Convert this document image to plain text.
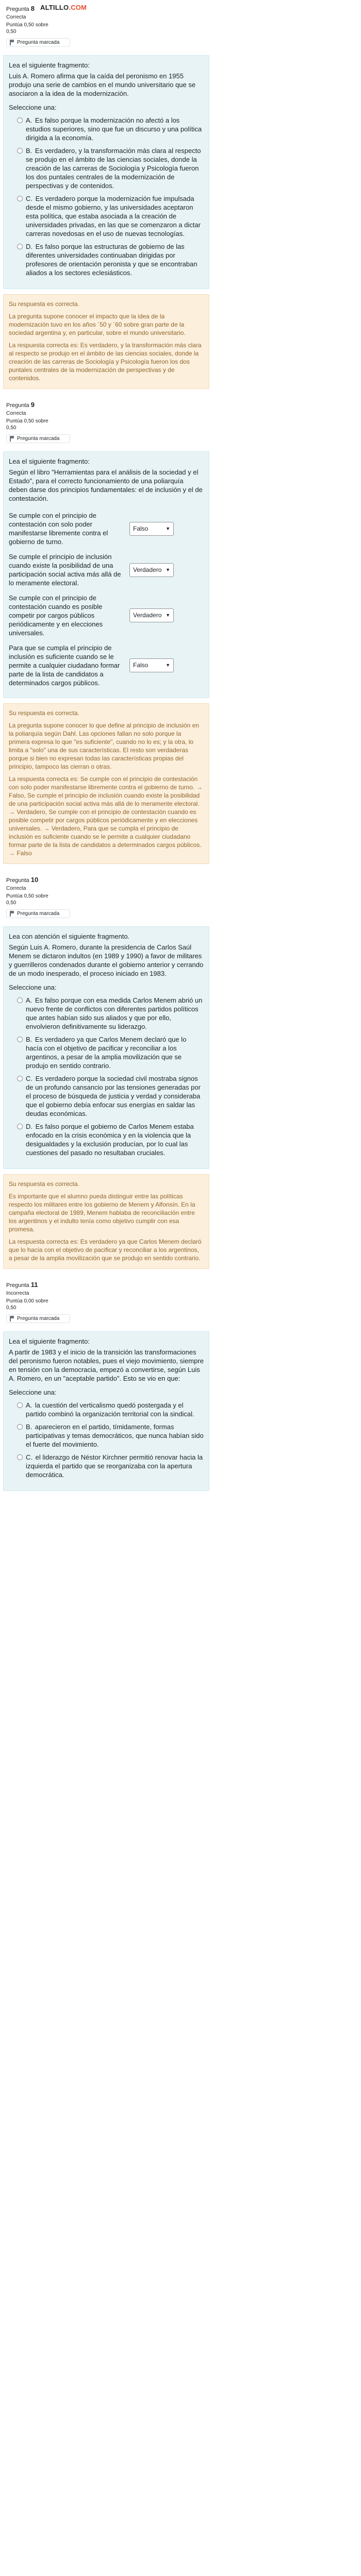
Pregunta 8 ALTILLO.COM
Correcta
Puntúa 0,50 sobre 0,50
Pregunta marcada

Lea el siguiente fragmento:

Luis A. Romero afirma que la caída del peronismo en 1955 produjo una serie de cambios en el mundo universitario que se asociaron a la idea de la modernización.

Seleccione una:
A. Es falso porque la modernización no afectó a los estudios superiores, sino que fue un discurso y una política dirigida a la economía.
B. Es verdadero, y la transformación más clara al respecto se produjo en el ámbito de las ciencias sociales, donde la creación de las carreras de Sociología y Psicología fueron los dos puntales centrales de la modernización de perspectivas y de contenidos.
C. Es verdadero porque la modernización fue impulsada desde el mismo gobierno, y las universidades aceptaron esta política, que estaba asociada a la creación de universidades privadas, en las que se comenzaron a dictar carreras novedosas en el uso de nuevas tecnologías.
D. Es falso porque las estructuras de gobierno de las diferentes universidades continuaban dirigidas por profesores de orientación peronista y que se encontraban aliados a los sectores eclesiásticos.

Su respuesta es correcta.

La pregunta supone conocer el impacto que la idea de la modernización tuvo en los años ´50 y ´60 sobre gran parte de la sociedad argentina y, en particular, sobre el mundo universitario.

La respuesta correcta es: Es verdadero, y la transformación más clara al respecto se produjo en el ámbito de las ciencias sociales, donde la creación de las carreras de Sociología y Psicología fueron los dos puntales centrales de la modernización de perspectivas y de contenidos.

Pregunta 9
Correcta
Puntúa 0,50 sobre 0,50
Pregunta marcada

Lea el siguiente fragmento:

Según el libro "Herramientas para el análisis de la sociedad y el Estado", para el correcto funcionamiento de una poliarquía deben darse dos principios fundamentales: el de inclusión y el de contestación.

Se cumple con el principio de contestación con solo poder manifestarse libremente contra el gobierno de turno.	Falso ▼

Se cumple el principio de inclusión cuando existe la posibilidad de una participación social activa más allá de lo meramente electoral.	Verdadero ▼

Se cumple con el principio de contestación cuando es posible competir por cargos públicos periódicamente y en elecciones universales.	Verdadero ▼

Para que se cumpla el principio de inclusión es suficiente cuando se le permite a cualquier ciudadano formar parte de la lista de candidatos a determinados cargos públicos.	Falso ▼

Su respuesta es correcta.

La pregunta supone conocer lo que define al principio de inclusión en la poliarquía según Dahl. Las opciones fallan no solo porque la primera expresa lo que "es suficiente", cuando no lo es; y la otra, lo limita a "solo" una de sus características. El resto son verdaderas porque si bien no expresan todas las características propias del principio, tampoco las cierran o otras.

La respuesta correcta es: Se cumple con el principio de contestación con solo poder manifestarse libremente contra el gobierno de turno. → Falso, Se cumple el principio de inclusión cuando existe la posibilidad de una participación social activa más allá de lo meramente electoral. → Verdadero, Se cumple con el principio de contestación cuando es posible competir por cargos públicos periódicamente y en elecciones universales. → Verdadero, Para que se cumpla el principio de inclusión es suficiente cuando se le permite a cualquier ciudadano formar parte de la lista de candidatos a determinados cargos públicos. → Falso

Pregunta 10
Correcta
Puntúa 0,50 sobre 0,50
Pregunta marcada

Lea con atención el siguiente fragmento.

Según Luis A. Romero, durante la presidencia de Carlos Saúl Menem se dictaron indultos (en 1989 y 1990) a favor de militares y guerrilleros condenados durante el gobierno anterior y cerrando de un modo inesperado, el proceso iniciado en 1983.

Seleccione una:
A. Es falso porque con esa medida Carlos Menem abrió un nuevo frente de conflictos con diferentes partidos políticos que antes habían sido sus aliados y que por ello, envolvieron definitivamente su liderazgo.
B. Es verdadero ya que Carlos Menem declaró que lo hacía con el objetivo de pacificar y reconciliar a los argentinos, a pesar de la amplia movilización que se produjo en sentido contrario.
C. Es verdadero porque la sociedad civil mostraba signos de un profundo cansancio por las tensiones generadas por el proceso de búsqueda de justicia y verdad y consideraba que el gobierno debía enfocar sus energías en saldar las deudas económicas.
D. Es falso porque el gobierno de Carlos Menem estaba enfocado en la crisis económica y en la violencia que la desigualdades y la exclusión producían, por lo cual las cuestiones del pasado no resultaban cruciales.

Su respuesta es correcta.

Es importante que el alumno pueda distinguir entre las políticas respecto los militares entre los gobierno de Menem y Alfonsín. En la campaña electoral de 1989, Menem hablaba de reconciliación entre los argentinos y el indulto tenía como objetivo cumplir con esa promesa.

La respuesta correcta es: Es verdadero ya que Carlos Menem declaró que lo hacía con el objetivo de pacificar y reconciliar a los argentinos, a pesar de la amplia movilización que se produjo en sentido contrario.

Pregunta 11
Incorrecta
Puntúa 0,00 sobre 0,50
Pregunta marcada

Lea el siguiente fragmento:

A partir de 1983 y el inicio de la transición las transformaciones del peronismo fueron notables, pues el viejo movimiento, siempre en tensión con la democracia, empezó a convertirse, según Luis A. Romero, en un "aceptable partido". Esto se vio en que:

Seleccione una:
A. la cuestión del verticalismo quedó postergada y el partido combinó la organización territorial con la sindical.
B. aparecieron en el partido, tímidamente, formas participativas y temas democráticos, que nunca habían sido el fuerte del movimiento.
C. el liderazgo de Néstor Kirchner permitió renovar hacia la izquierda el partido que se reorganizaba con la apertura democrática.
